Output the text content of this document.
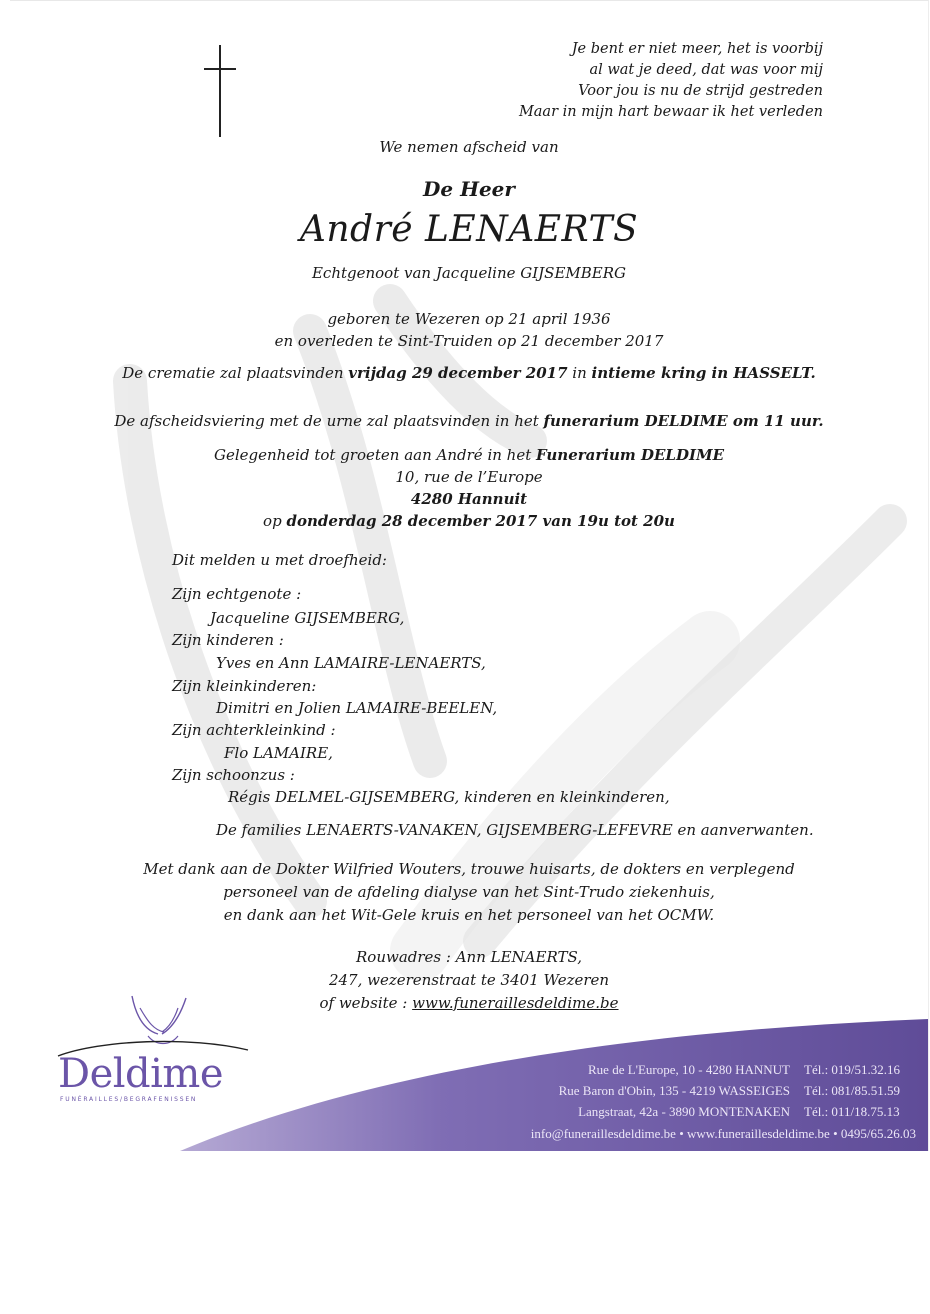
Je bent er niet meer, het is voorbij
al wat je deed, dat was voor mij
Voor jou is nu de strijd gestreden
Maar in mijn hart bewaar ik het verleden
We nemen afscheid van
De Heer
André LENAERTS
Echtgenoot van Jacqueline GIJSEMBERG
geboren te Wezeren op 21 april 1936
en overleden te Sint-Truiden op 21 december 2017
De crematie zal plaatsvinden vrijdag 29 december 2017 in intieme kring in HASSELT.
De afscheidsviering met de urne zal plaatsvinden in het funerarium DELDIME om 11 uur.
Gelegenheid tot groeten aan André in het Funerarium DELDIME
10, rue de l’Europe
4280 Hannuit
op donderdag 28 december 2017 van 19u tot 20u
Dit melden u met droefheid:
Zijn echtgenote :
Jacqueline GIJSEMBERG,
Zijn kinderen :
Yves en Ann LAMAIRE-LENAERTS,
Zijn kleinkinderen:
Dimitri en Jolien LAMAIRE-BEELEN,
Zijn achterkleinkind :
Flo LAMAIRE,
Zijn schoonzus :
Régis DELMEL-GIJSEMBERG, kinderen en kleinkinderen,
De families LENAERTS-VANAKEN, GIJSEMBERG-LEFEVRE en aanverwanten.
Met dank aan de Dokter Wilfried Wouters, trouwe huisarts, de dokters en verplegend
personeel van de afdeling dialyse van het Sint-Trudo ziekenhuis,
en dank aan het Wit-Gele kruis en het personeel van het OCMW.
Rouwadres : Ann LENAERTS,
247, wezerenstraat te 3401 Wezeren
of website : www.funeraillesdeldime.be
Rue de L'Europe, 10 - 4280 HANNUT Tél.: 019/51.32.16
Rue Baron d'Obin, 135 - 4219 WASSEIGES Tél.: 081/85.51.59
Langstraat, 42a - 3890 MONTENAKEN Tél.: 011/18.75.13
info@funeraillesdeldime.be • www.funeraillesdeldime.be • 0495/65.26.03
Deldime
FUNÉRAILLES/BEGRAFENISSEN
